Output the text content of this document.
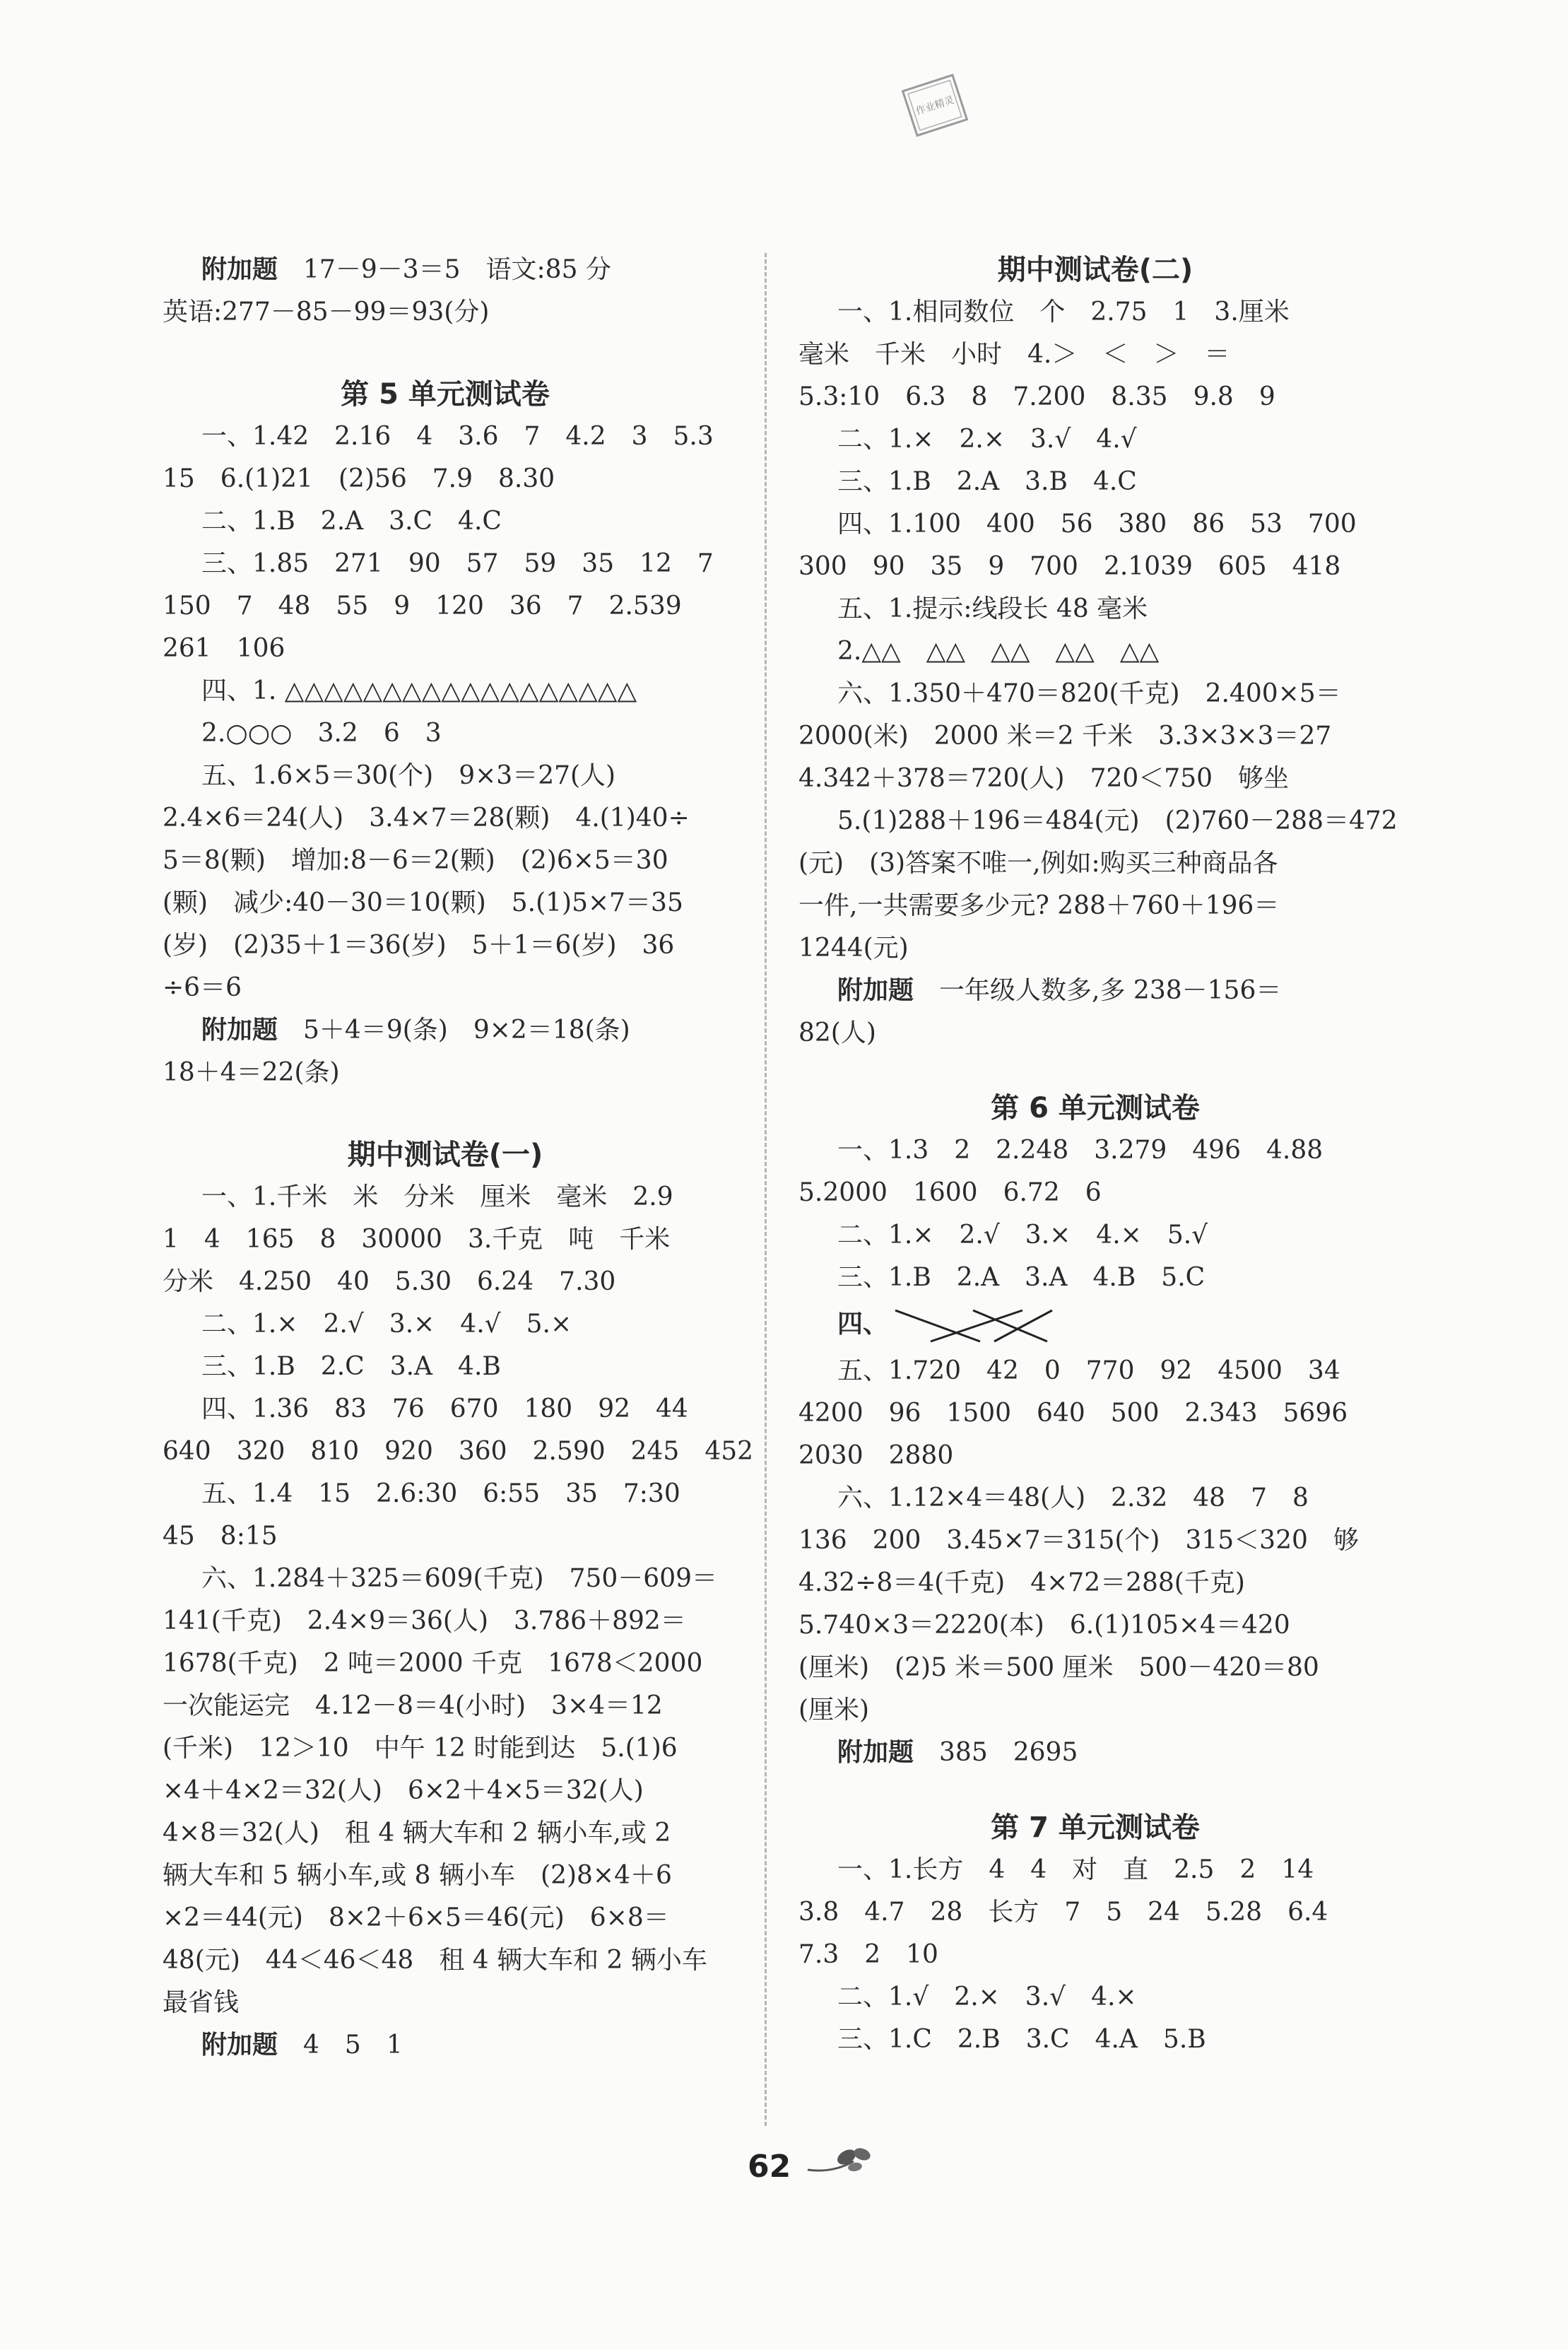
作业精灵
附加题　 17－9－3＝5　语文:85 分
英语:277－85－99＝93(分)
第 5 单元测试卷
一、1.42　2.16　4　3.6　7　4.2　3　5.3
15　6.(1)21　(2)56　7.9　8.30
二、1.B　2.A　3.C　4.C
三、1.85　271　90　57　59　35　12　7
150　7　48　55　9　120　36　7　2.539
261　106
四、1. △△△△△△△△△△△△△△△△△△
2.○○○　3.2　6　3
五、1.6×5＝30(个)　9×3＝27(人)
2.4×6＝24(人)　3.4×7＝28(颗)　4.(1)40÷
5＝8(颗)　增加:8－6＝2(颗)　(2)6×5＝30
(颗)　减少:40－30＝10(颗)　5.(1)5×7＝35
(岁)　(2)35＋1＝36(岁)　5＋1＝6(岁)　36
÷6＝6
附加题　 5＋4＝9(条)　9×2＝18(条)
18＋4＝22(条)
期中测试卷(一)
一、1.千米　米　分米　厘米　毫米　2.9
1　4　165　8　30000　3.千克　吨　千米
分米　4.250　40　5.30　6.24　7.30
二、1.×　2.√　3.×　4.√　5.×
三、1.B　2.C　3.A　4.B
四、1.36　83　76　670　180　92　44
640　320　810　920　360　2.590　245　452
五、1.4　15　2.6:30　6:55　35　7:30
45　8:15
六、1.284＋325＝609(千克)　750－609＝
141(千克)　2.4×9＝36(人)　3.786＋892＝
1678(千克)　2 吨＝2000 千克　1678＜2000
一次能运完　4.12－8＝4(小时)　3×4＝12
(千米)　12＞10　中午 12 时能到达　5.(1)6
×4＋4×2＝32(人)　6×2＋4×5＝32(人)
4×8＝32(人)　租 4 辆大车和 2 辆小车,或 2
辆大车和 5 辆小车,或 8 辆小车　(2)8×4＋6
×2＝44(元)　8×2＋6×5＝46(元)　6×8＝
48(元)　44＜46＜48　租 4 辆大车和 2 辆小车
最省钱
附加题　 4　5　1
期中测试卷(二)
一、1.相同数位　个　2.75　1　3.厘米
毫米　千米　小时　4.＞　＜　＞　＝
5.3:10　6.3　8　7.200　8.35　9.8　9
二、1.×　2.×　3.√　4.√
三、1.B　2.A　3.B　4.C
四、1.100　400　56　380　86　53　700
300　90　35　9　700　2.1039　605　418
五、1.提示:线段长 48 毫米
2.△△　△△　△△　△△　△△
六、1.350＋470＝820(千克)　2.400×5＝
2000(米)　2000 米＝2 千米　3.3×3×3＝27
4.342＋378＝720(人)　720＜750　够坐
5.(1)288＋196＝484(元)　(2)760－288＝472
(元)　(3)答案不唯一,例如:购买三种商品各
一件,一共需要多少元? 288＋760＋196＝
1244(元)
附加题　 一年级人数多,多 238－156＝
82(人)
第 6 单元测试卷
一、1.3　2　2.248　3.279　496　4.88
5.2000　1600　6.72　6
二、1.×　2.√　3.×　4.×　5.√
三、1.B　2.A　3.A　4.B　5.C
四、
五、1.720　42　0　770　92　4500　34
4200　96　1500　640　500　2.343　5696
2030　2880
六、1.12×4＝48(人)　2.32　48　7　8
136　200　3.45×7＝315(个)　315＜320　够
4.32÷8＝4(千克)　4×72＝288(千克)
5.740×3＝2220(本)　6.(1)105×4＝420
(厘米)　(2)5 米＝500 厘米　500－420＝80
(厘米)
附加题　 385　2695
第 7 单元测试卷
一、1.长方　4　4　对　直　2.5　2　14
3.8　4.7　28　长方　7　5　24　5.28　6.4
7.3　2　10
二、1.√　2.×　3.√　4.×
三、1.C　2.B　3.C　4.A　5.B
62
